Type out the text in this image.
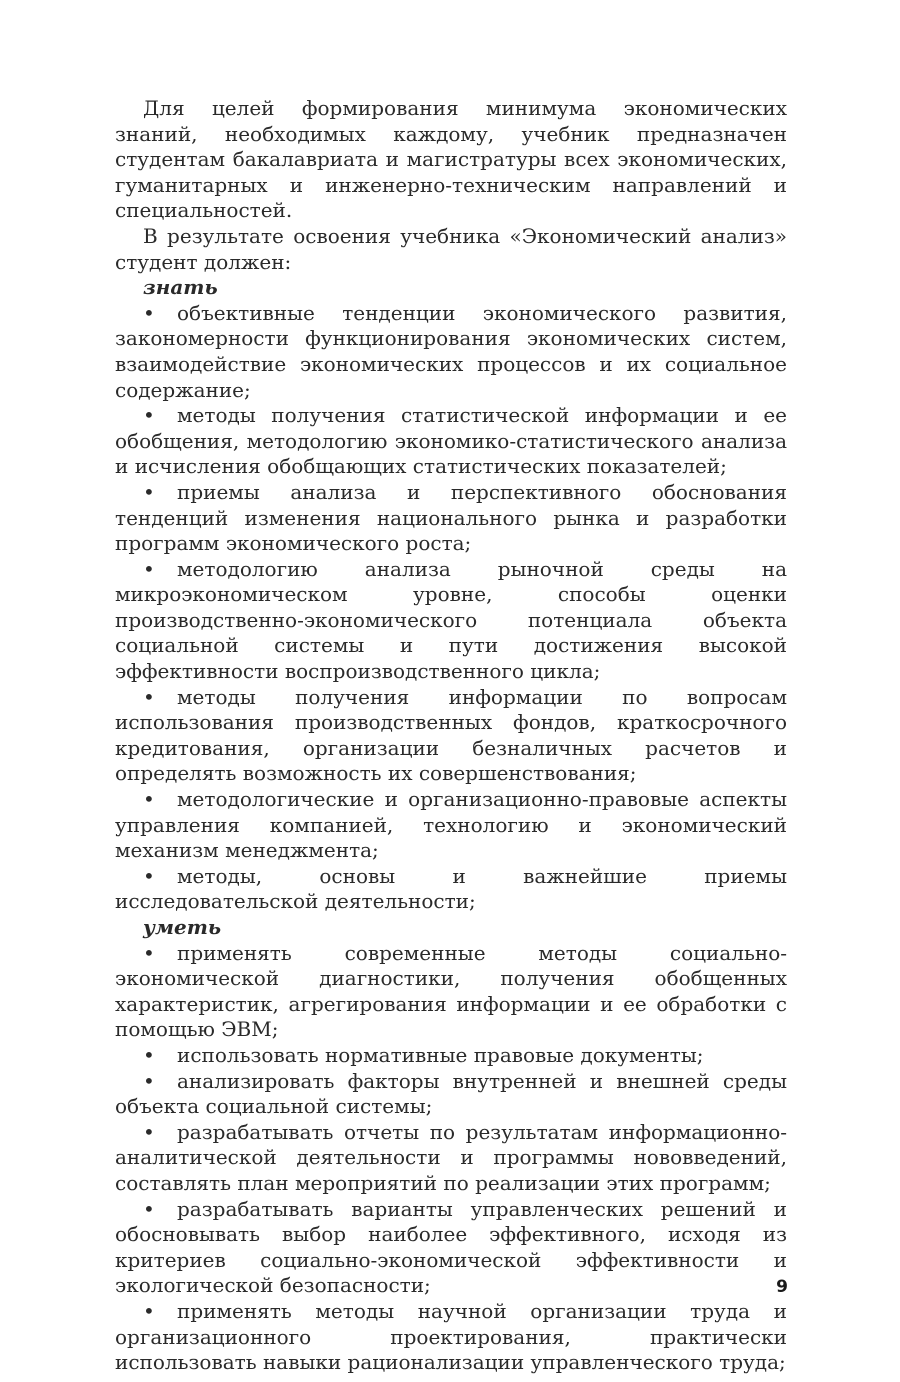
Для целей формирования минимума экономических знаний, необходимых каждому, учебник предназначен студентам бакалавриата и магистратуры всех экономических, гуманитарных и инженерно-техническим направлений и специальностей.

В результате освоения учебника «Экономический анализ» студент должен:

знать

• объективные тенденции экономического развития, закономерности функционирования экономических систем, взаимодействие экономических процессов и их социальное содержание;

• методы получения статистической информации и ее обобщения, методологию экономико-статистического анализа и исчисления обобщающих статистических показателей;

• приемы анализа и перспективного обоснования тенденций изменения национального рынка и разработки программ экономического роста;

• методологию анализа рыночной среды на микроэкономическом уровне, способы оценки производственно-экономического потенциала объекта социальной системы и пути достижения высокой эффективности воспроизводственного цикла;

• методы получения информации по вопросам использования производственных фондов, краткосрочного кредитования, организации безналичных расчетов и определять возможность их совершенствования;

• методологические и организационно-правовые аспекты управления компанией, технологию и экономический механизм менеджмента;

• методы, основы и важнейшие приемы исследовательской деятельности;

уметь

• применять современные методы социально-экономической диагностики, получения обобщенных характеристик, агрегирования информации и ее обработки с помощью ЭВМ;

• использовать нормативные правовые документы;

• анализировать факторы внутренней и внешней среды объекта социальной системы;

• разрабатывать отчеты по результатам информационно-аналитической деятельности и программы нововведений, составлять план мероприятий по реализации этих программ;

• разрабатывать варианты управленческих решений и обосновывать выбор наиболее эффективного, исходя из критериев социально-экономической эффективности и экологической безопасности;

• применять методы научной организации труда и организационного проектирования, практически использовать навыки рационализации управленческого труда;

9
